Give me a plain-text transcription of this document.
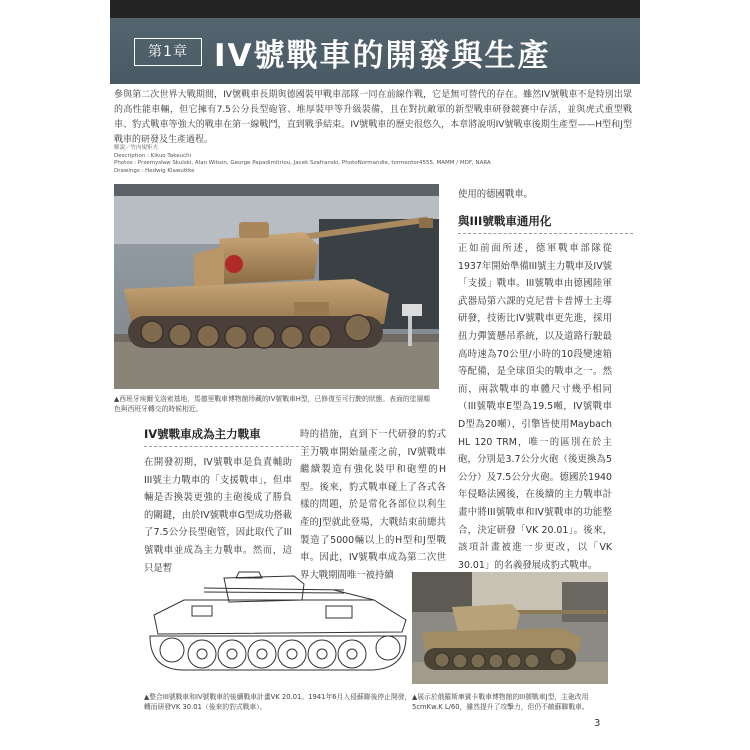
第1章 IV號戰車的開發與生產

參與第二次世界大戰期間，IV號戰車長期與德國裝甲戰車部隊一同在前線作戰，它是無可替代的存在。雖然IV號戰車不是特別出眾的高性能車輛，但它擁有7.5公分長型砲管、堆厚裝甲等升級裝備，且在對抗敵軍的新型戰車研發競賽中存活，並與虎式重型戰車、豹式戰車等強大的戰車在第一線戰鬥，直到戰爭結束。IV號戰車的歷史很悠久，本章將說明IV號戰車後期生產型——H型和J型戰車的研發及生產過程。

解說／竹內規矩夫
Description : Kikuo Takeuchi
Photos : Przemysław Skulski, Alan Wilson, George Papadimitriou, Jacek Szafranski, PhotoNormandie, tormentor4555, MAMM / MDF, NARA
Drawings : Hedwig Klawuttke
▲西班牙埃爾戈洛索基地，馬德里戰車博物館珍藏的IV號戰車H型，已修復至可行駛的狀態。表面的塗層顏色與西班牙轉交的時候相近。
IV號戰車成為主力戰車

在開發初期，IV號戰車是負責輔助III號主力戰車的「支援戰車」，但車輛是否換裝更強的主砲後成了勝負的關鍵，由於IV號戰車G型成功搭載了7.5公分長型砲管，因此取代了III號戰車並成為主力戰車。然而，這只是暫

時的措施，直到下一代研發的豹式主力戰車開始量產之前，IV號戰車繼續製造有強化裝甲和砲塑的H型。後來，豹式戰車碰上了各式各樣的問題，於是常化各部位以利生產的J型就此登場，大戰結束前總共製造了5000輛以上的H型和J型戰車。因此，IV號戰車成為第二次世界大戰期間唯一被持續

使用的德國戰車。

與III號戰車通用化

正如前面所述，德軍戰車部隊從1937年開始準備III號主力戰車及IV號「支援」戰車。III號戰車由德國陸軍武器局第六課的克尼普卡普博士主導研發，技術比IV號戰車更先進，採用扭力彈簧懸吊系統，以及道路行駛最高時速為70公里/小時的10段變速箱等配備，是全球頂尖的戰車之一。然而，兩款戰車的車體尺寸幾乎相同（III號戰車E型為19.5噸，IV號戰車D型為20噸），引擎皆使用Maybach HL 120 TRM，唯一的區別在於主砲，分別是3.7公分火砲（後更換為5公分）及7.5公分火砲。德國於1940年侵略法國後，在後續的主力戰車計畫中將III號戰車和IV號戰車的功能整合，決定研發「VK 20.01」。後來，該項計畫被進一步更改，以「VK 30.01」的名義發展成豹式戰車。

▲整合III號戰車和IV號戰車的後續戰車計畫VK 20.01。1941年6月入侵蘇聯後停止開發，轉而研發VK 30.01（後來的豹式戰車）。
▲展示於俄羅斯庫賓卡戰車博物館的III號戰車J型，主砲改用5cmKw.K L/60，雖然提升了攻擊力，但仍不敵蘇聯戰車。
3
